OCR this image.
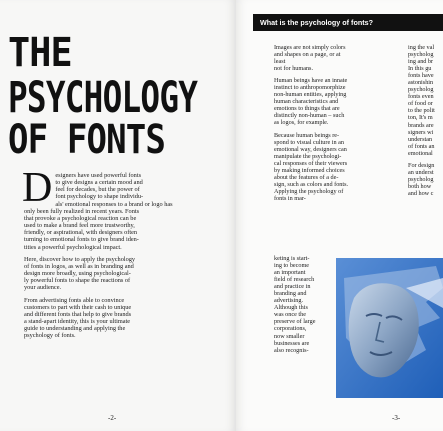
THE
PSYCHOLOGY
OF FONTS

D esigners have used powerful fonts
to give designs a certain mood and
feel for decades, but the power of
font psychology to shape individu-
als' emotional responses to a brand or logo has
only been fully realized in recent years. Fonts
that provoke a psychological reaction can be
used to make a brand feel more trustworthy,
friendly, or aspirational, with designers often
turning to emotional fonts to give brand iden-
tities a powerful psychological impact.

Here, discover how to apply the psychology
of fonts in logos, as well as in branding and
design more broadly, using psychological-
ly powerful fonts to shape the reactions of
your audience.

From advertising fonts able to convince
customers to part with their cash to unique
and different fonts that help to give brands
a stand-apart identity, this is your ultimate
guide to understanding and applying the
psychology of fonts.

-2-
What is the psychology of fonts?

Images are not simply colors
and shapes on a page, or at least
not for humans.

Human beings have an innate
instinct to anthropomorphize
non-human entities, applying
human characteristics and
emotions to things that are
distinctly non-human – such
as logos, for example.

Because human beings re-
spond to visual culture in an
emotional way, designers can
manipulate the psychologi-
cal responses of their viewers
by making informed choices
about the features of a de-
sign, such as colors and fonts.
Applying the psychology of
fonts in mar-

keting is start-
ing to become
an important
field of research
and practice in
branding and
advertising.
Although this
was once the
preserve of large
corporations,
now smaller
businesses are
also recognis-

ing the val
psycholog
ing and br
In this gu
fonts have
astonishin
psycholog
fonts even
of food or
to the polit
ton, It's m
brands are
signers wi
understan
of fonts an
emotional

For design
an underst
psycholog
both how
and how c

-3-
